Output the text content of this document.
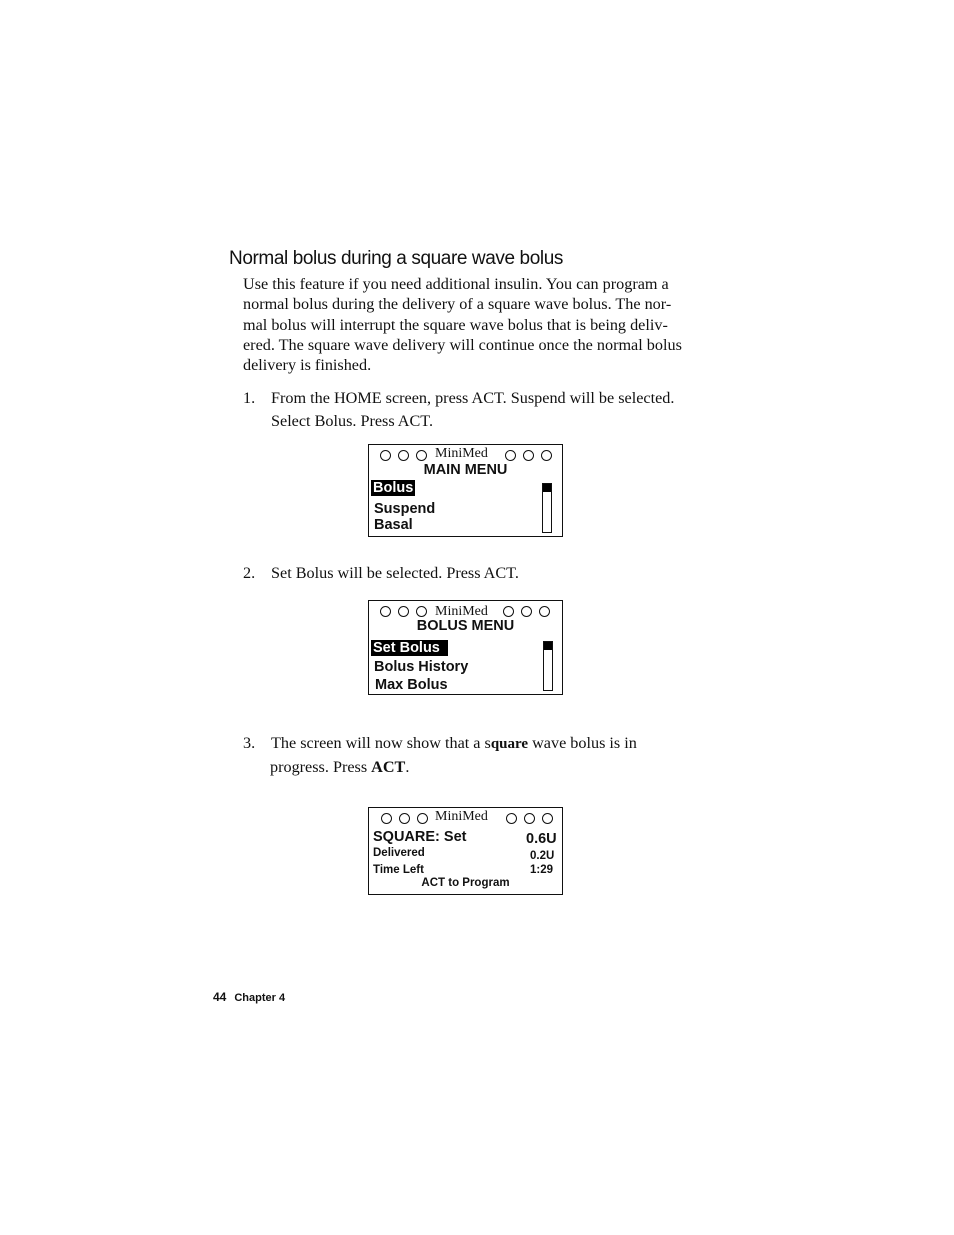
Normal bolus during a square wave bolus
Use this feature if you need additional insulin. You can program a
normal bolus during the delivery of a square wave bolus. The nor-
mal bolus will interrupt the square wave bolus that is being deliv-
ered. The square wave delivery will continue once the normal bolus
delivery is finished.
1. From the HOME screen, press ACT. Suspend will be selected.
Select Bolus. Press ACT.
MiniMed
MAIN MENU
Bolus
Suspend
Basal
2. Set Bolus will be selected. Press ACT.
MiniMed
BOLUS MENU
Set Bolus
Bolus History
Max Bolus
3. The screen will now show that a square wave bolus is in
progress. Press ACT.
MiniMed
SQUARE: Set	0.6U
Delivered	0.2U
Time Left	1:29
ACT to Program
44 Chapter 4
